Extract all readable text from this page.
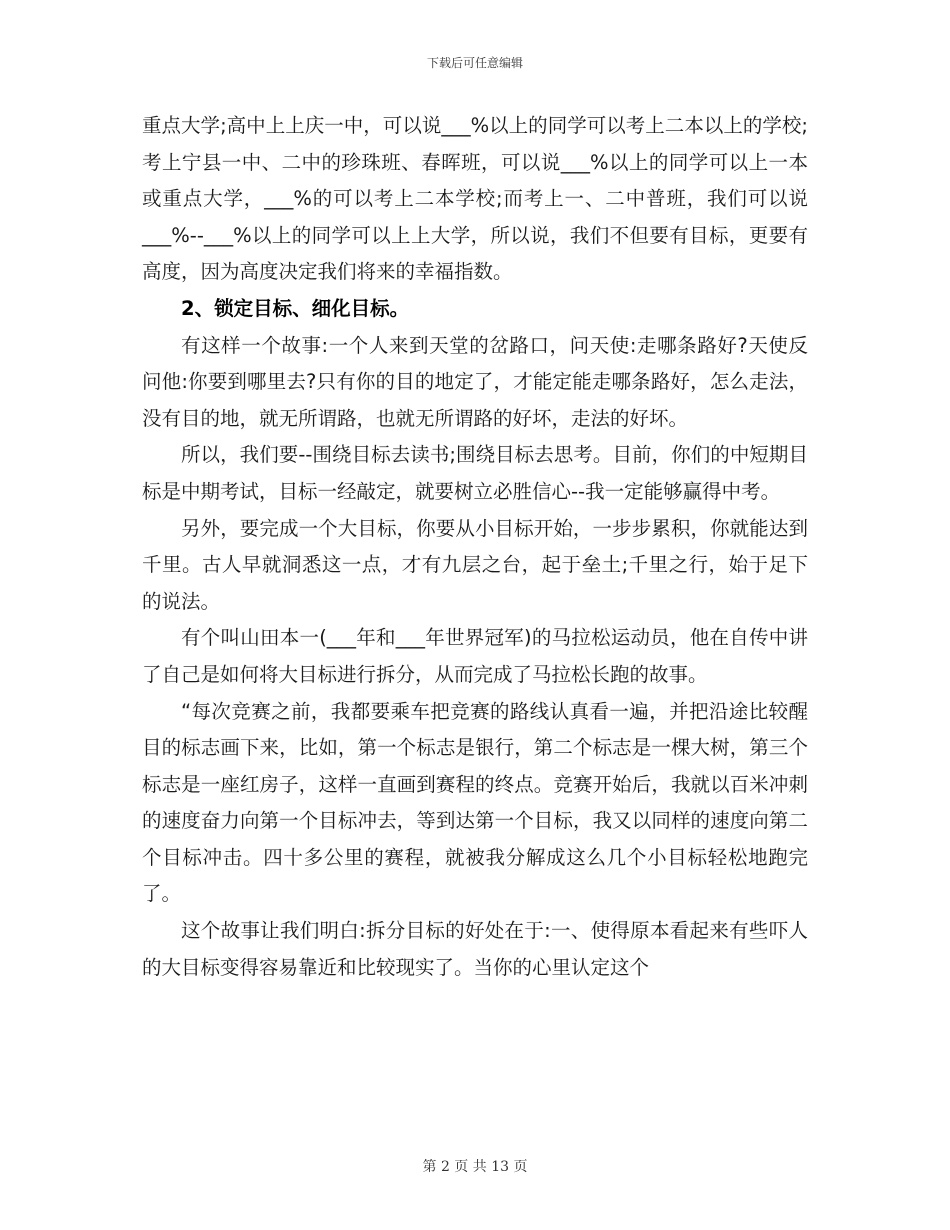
下载后可任意编辑

重点大学;高中上上庆一中，可以说___%以上的同学可以考上二本以上的学校;考上宁县一中、二中的珍珠班、春晖班，可以说___%以上的同学可以上一本或重点大学，___%的可以考上二本学校;而考上一、二中普班，我们可以说___%--___%以上的同学可以上上大学，所以说，我们不但要有目标，更要有高度，因为高度决定我们将来的幸福指数。

2、锁定目标、细化目标。

有这样一个故事:一个人来到天堂的岔路口，问天使:走哪条路好?天使反问他:你要到哪里去?只有你的目的地定了，才能定能走哪条路好，怎么走法，没有目的地，就无所谓路，也就无所谓路的好坏，走法的好坏。

所以，我们要--围绕目标去读书;围绕目标去思考。目前，你们的中短期目标是中期考试，目标一经敲定，就要树立必胜信心--我一定能够赢得中考。

另外，要完成一个大目标，你要从小目标开始，一步步累积，你就能达到千里。古人早就洞悉这一点，才有九层之台，起于垒土;千里之行，始于足下的说法。

有个叫山田本一(___年和___年世界冠军)的马拉松运动员，他在自传中讲了自己是如何将大目标进行拆分，从而完成了马拉松长跑的故事。

“每次竞赛之前，我都要乘车把竞赛的路线认真看一遍，并把沿途比较醒目的标志画下来，比如，第一个标志是银行，第二个标志是一棵大树，第三个标志是一座红房子，这样一直画到赛程的终点。竞赛开始后，我就以百米冲刺的速度奋力向第一个目标冲去，等到达第一个目标，我又以同样的速度向第二个目标冲击。四十多公里的赛程，就被我分解成这么几个小目标轻松地跑完了。

这个故事让我们明白:拆分目标的好处在于:一、使得原本看起来有些吓人的大目标变得容易靠近和比较现实了。当你的心里认定这个

第 2 页 共 13 页
